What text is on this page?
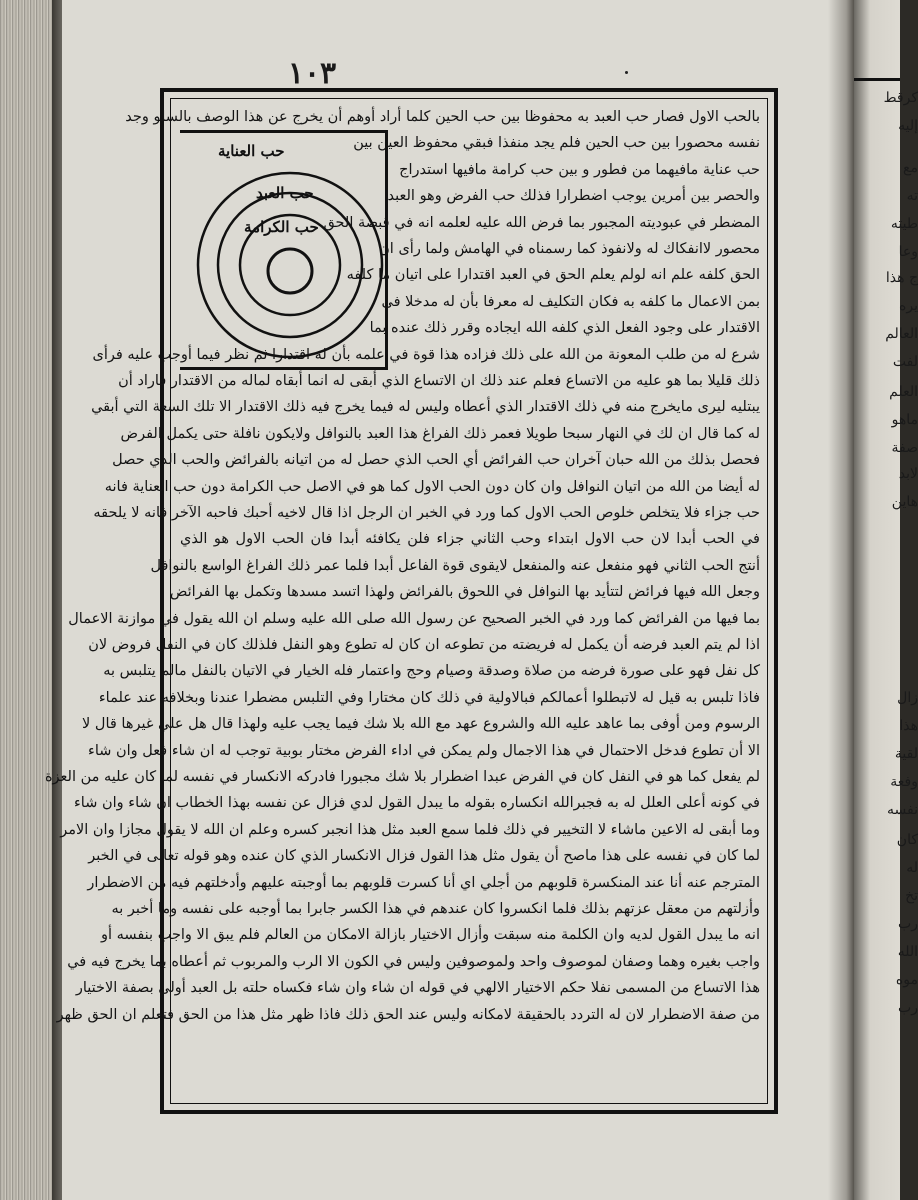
١٠٣
حب العناية
حب العبد
حب الكرامة
بالحب الاول فصار حب العبد به محفوظا بين حب الحين كلما أراد أوهم أن يخرج عن هذا الوصف بالسلو وجد
نفسه محصورا بين حب الحين فلم يجد منفذا فبقي محفوظ العين بين
حب عناية مافيهما من فطور و بين حب كرامة مافيها استدراج
والحصر بين أمرين يوجب اضطرارا فذلك حب الفرض وهو العبد
المضطر في عبوديته المجبور بما فرض الله عليه لعلمه انه في قبضة الحق
محصور لاانفكاك له ولانفوذ كما رسمناه في الهامش ولما رأى ان
الحق كلفه علم انه لولم يعلم الحق في العبد اقتدارا على اتيان ما كلفه
بمن الاعمال ما كلفه به فكان التكليف له معرفا بأن له مدخلا في
الاقتدار على وجود الفعل الذي كلفه الله ايجاده وقرر ذلك عنده بما
شرع له من طلب المعونة من الله على ذلك فزاده هذا قوة في علمه بأن له اقتدارا ثم نظر فيما أوجب عليه فرأى
ذلك قليلا بما هو عليه من الاتساع فعلم عند ذلك ان الاتساع الذي أبقى له انما أبقاه لماله من الاقتدار فاراد أن
يبتليه ليرى مايخرج منه في ذلك الاقتدار الذي أعطاه وليس له فيما يخرج فيه ذلك الاقتدار الا تلك السعة التي أبقي
له كما قال ان لك في النهار سبحا طويلا فعمر ذلك الفراغ هذا العبد بالنوافل ولايكون نافلة حتى يكمل الفرض
فحصل بذلك من الله حبان آخران حب الفرائض أي الحب الذي حصل له من اتيانه بالفرائض والحب الذي حصل
له أيضا من الله من اتيان النوافل وان كان دون الحب الاول كما هو في الاصل حب الكرامة دون حب العناية فانه
حب جزاء فلا يتخلص خلوص الحب الاول كما ورد في الخبر ان الرجل اذا قال لاخيه أحبك فاحبه الآخر فانه لا يلحقه
في الحب أبدا لان حب الاول ابتداء وحب الثاني جزاء فلن يكافئه أبدا فان الحب الاول هو الذي
أنتج الحب الثاني فهو منفعل عنه والمنفعل لايقوى قوة الفاعل أبدا فلما عمر ذلك الفراغ الواسع بالنوافل
وجعل الله فيها فرائض لتتأيد بها النوافل في اللحوق بالفرائض ولهذا اتسد مسدها وتكمل بها الفرائض
بما فيها من الفرائض كما ورد في الخبر الصحيح عن رسول الله صلى الله عليه وسلم ان الله يقول في موازنة الاعمال
اذا لم يتم العبد فرضه أن يكمل له فريضته من تطوعه ان كان له تطوع وهو النفل فلذلك كان في النفل فروض لان
كل نفل فهو على صورة فرضه من صلاة وصدقة وصيام وحج واعتمار فله الخيار في الاتيان بالنفل مالم يتلبس به
فاذا تلبس به قيل له لاتبطلوا أعمالكم فبالاولية في ذلك كان مختارا وفي التلبس مضطرا عندنا وبخلافه عند علماء
الرسوم ومن أوفى بما عاهد عليه الله والشروع عهد مع الله بلا شك فيما يجب عليه ولهذا قال هل علي غيرها قال لا
الا أن تطوع فدخل الاحتمال في هذا الاجمال ولم يمكن في اداء الفرض مختار بوبية توجب له ان شاء فعل وان شاء
لم يفعل كما هو في النفل كان في الفرض عبدا اضطرار بلا شك مجبورا فادركه الانكسار في نفسه لما كان عليه من العزة
في كونه أعلى العلل له به فجبرالله انكساره بقوله ما يبدل القول لدي فزال عن نفسه بهذا الخطاب ان شاء وان شاء
وما أبقى له الاعين ماشاء لا التخيير في ذلك فلما سمع العبد مثل هذا انجبر كسره وعلم ان الله لا يقول مجازا وان الامر
لما كان في نفسه على هذا ماصح أن يقول مثل هذا القول فزال الانكسار الذي كان عنده وهو قوله تعالى في الخبر
المترجم عنه أنا عند المنكسرة قلوبهم من أجلي اي أنا كسرت قلوبهم بما أوجبته عليهم وأدخلتهم فيه من الاضطرار
وأزلتهم من معقل عزتهم بذلك فلما انكسروا كان عندهم في هذا الكسر جابرا بما أوجبه على نفسه وما أخبر به
انه ما يبدل القول لديه وان الكلمة منه سبقت وأزال الاختيار بازالة الامكان من العالم فلم يبق الا واجب بنفسه أو
واجب بغيره وهما وصفان لموصوف واحد ولموصوفين وليس في الكون الا الرب والمربوب ثم أعطاه بما يخرج فيه في
هذا الاتساع من المسمى نفلا حكم الاختيار الالهي في قوله ان شاء وان شاء فكساه حلته بل العبد أولى بصفة الاختيار
من صفة الاضطرار لان له التردد بالحقيقة لامكانه وليس عند الحق ذلك فاذا ظهر مثل هذا من الحق فتعلم ان الحق ظهر
كرقط
إليه
مع
ته
طيته
وعا
ج هذا
يره
العالم
لفت
العلم
ماهو
صفة
لابد
هاين
زال
هذا
لقية
وفعة
نفسه
كان
له
تخ
رب
الله
موه
رب
